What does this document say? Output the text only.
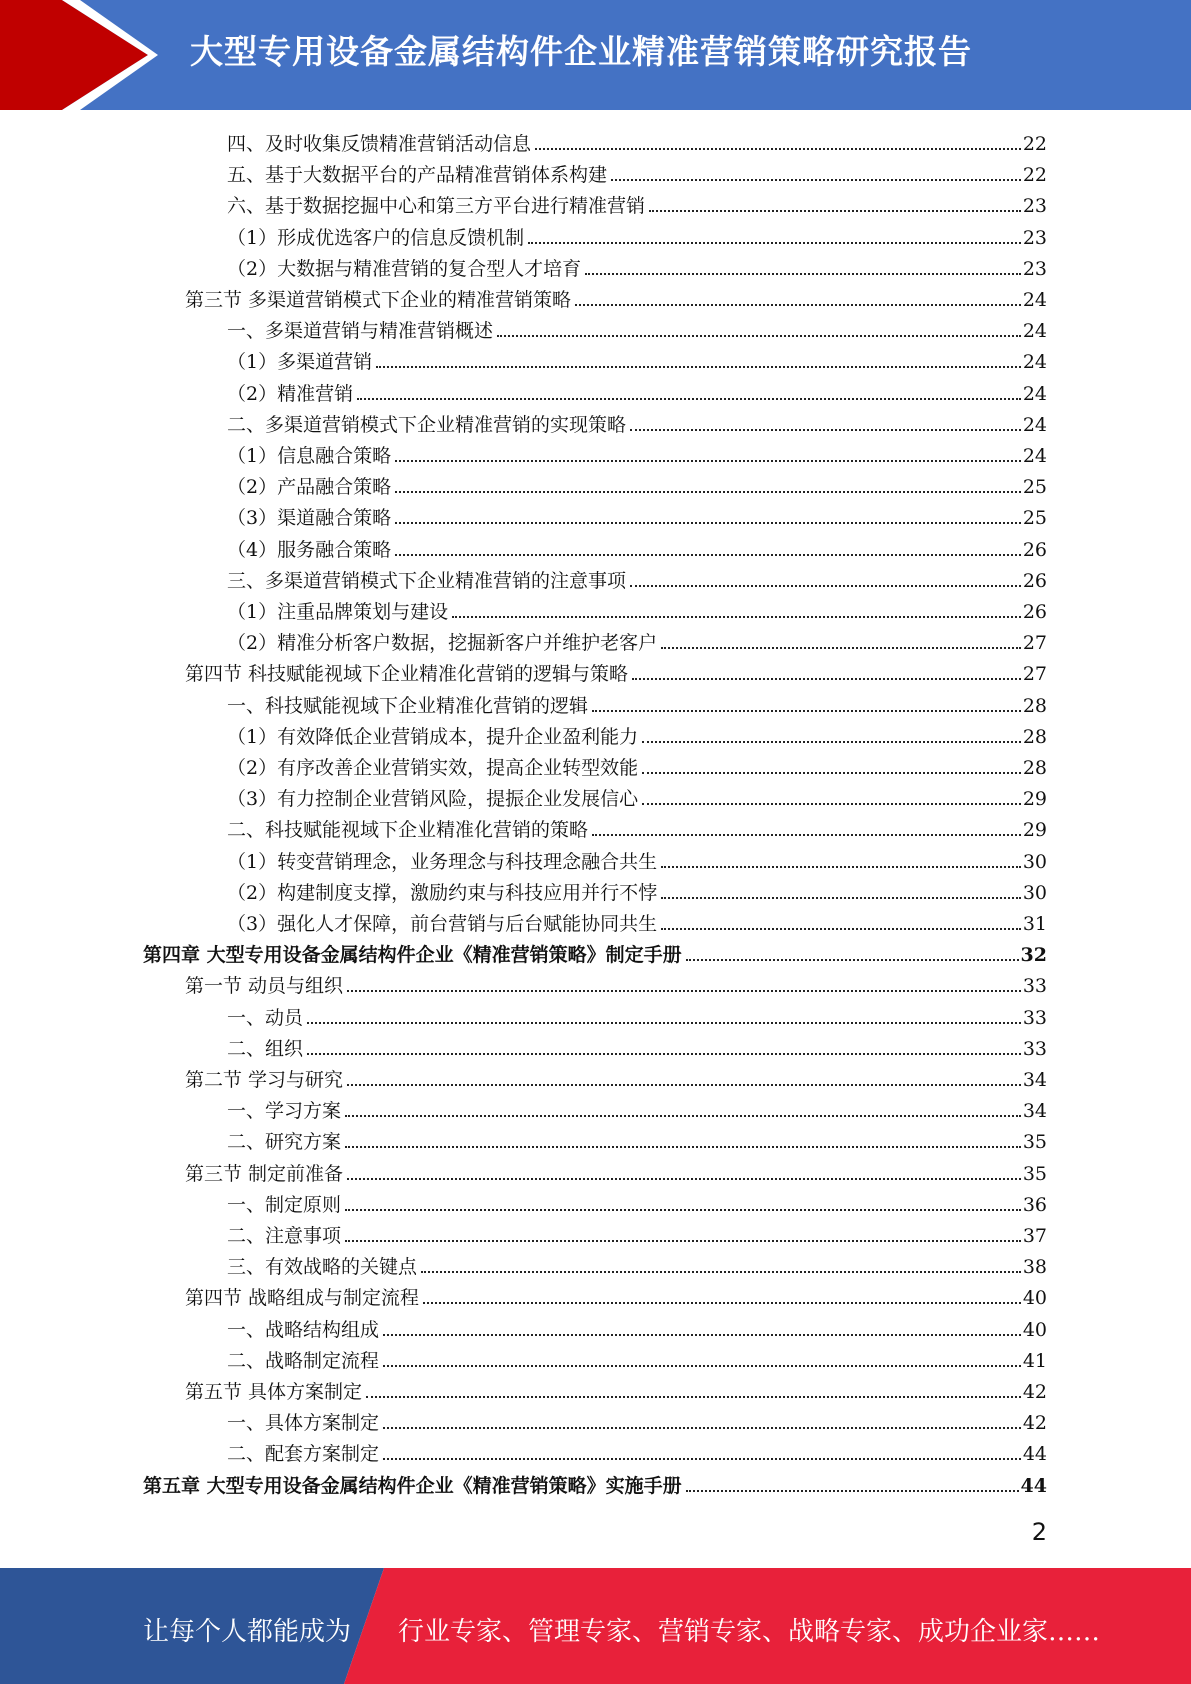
大型专用设备金属结构件企业精准营销策略研究报告
四、及时收集反馈精准营销活动信息	22
五、基于大数据平台的产品精准营销体系构建	22
六、基于数据挖掘中心和第三方平台进行精准营销	23
（1）形成优选客户的信息反馈机制	23
（2）大数据与精准营销的复合型人才培育	23
第三节 多渠道营销模式下企业的精准营销策略	24
一、多渠道营销与精准营销概述	24
（1）多渠道营销	24
（2）精准营销	24
二、多渠道营销模式下企业精准营销的实现策略	24
（1）信息融合策略	24
（2）产品融合策略	25
（3）渠道融合策略	25
（4）服务融合策略	26
三、多渠道营销模式下企业精准营销的注意事项	26
（1）注重品牌策划与建设	26
（2）精准分析客户数据，挖掘新客户并维护老客户	27
第四节 科技赋能视域下企业精准化营销的逻辑与策略	27
一、科技赋能视域下企业精准化营销的逻辑	28
（1）有效降低企业营销成本，提升企业盈利能力	28
（2）有序改善企业营销实效，提高企业转型效能	28
（3）有力控制企业营销风险，提振企业发展信心	29
二、科技赋能视域下企业精准化营销的策略	29
（1）转变营销理念，业务理念与科技理念融合共生	30
（2）构建制度支撑，激励约束与科技应用并行不悖	30
（3）强化人才保障，前台营销与后台赋能协同共生	31
第四章 大型专用设备金属结构件企业《精准营销策略》制定手册	32
第一节 动员与组织	33
一、动员	33
二、组织	33
第二节 学习与研究	34
一、学习方案	34
二、研究方案	35
第三节 制定前准备	35
一、制定原则	36
二、注意事项	37
三、有效战略的关键点	38
第四节 战略组成与制定流程	40
一、战略结构组成	40
二、战略制定流程	41
第五节 具体方案制定	42
一、具体方案制定	42
二、配套方案制定	44
第五章 大型专用设备金属结构件企业《精准营销策略》实施手册	44
2
让每个人都能成为 行业专家、管理专家、营销专家、战略专家、成功企业家……
